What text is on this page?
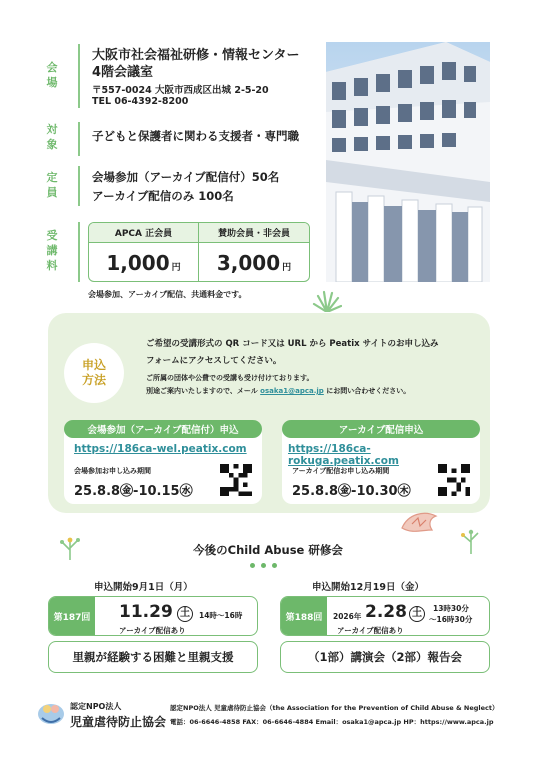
会
場
大阪市社会福祉研修・情報センター
4階会議室
〒557-0024 大阪市西成区出城 2-5-20
TEL 06-4392-8200
対
象
子どもと保護者に関わる支援者・専門職
定
員
会場参加（アーカイブ配信付）50名
アーカイブ配信のみ 100名
受
講
料
APCA 正会員	賛助会員・非会員
1,000 円 3,000 円
会場参加、アーカイブ配信、共通料金です。
申込
方法
ご希望の受講形式の QR コード又は URL から Peatix サイトのお申し込み
フォームにアクセスしてください。
ご所属の団体や公費での受講も受け付けております。
別途ご案内いたしますので、メール osaka1@apca.jp にお問い合わせください。
会場参加（アーカイブ配信付）申込
https://186ca-wel.peatix.com
会場参加お申し込み期間
25.8.8㊎-10.15㊌
アーカイブ配信申込
https://186ca-rokuga.peatix.com
アーカイブ配信お申し込み期間
25.8.8㊎-10.30㊍
今後のChild Abuse 研修会
申込開始9月1日（月）
第187回 11.29 土	14時～16時
アーカイブ配信あり
里親が経験する困難と里親支援
申込開始12月19日（金）
第188回	2026年 2.28 土	13時30分
～16時30分
アーカイブ配信あり
（1部）講演会（2部）報告会
認定NPO法人
児童虐待防止協会
認定NPO法人 児童虐待防止協会（the Association for the Prevention of Child Abuse & Neglect）
電話：06-6646-4858 FAX：06-6646-4884 Email：osaka1@apca.jp HP：https://www.apca.jp
